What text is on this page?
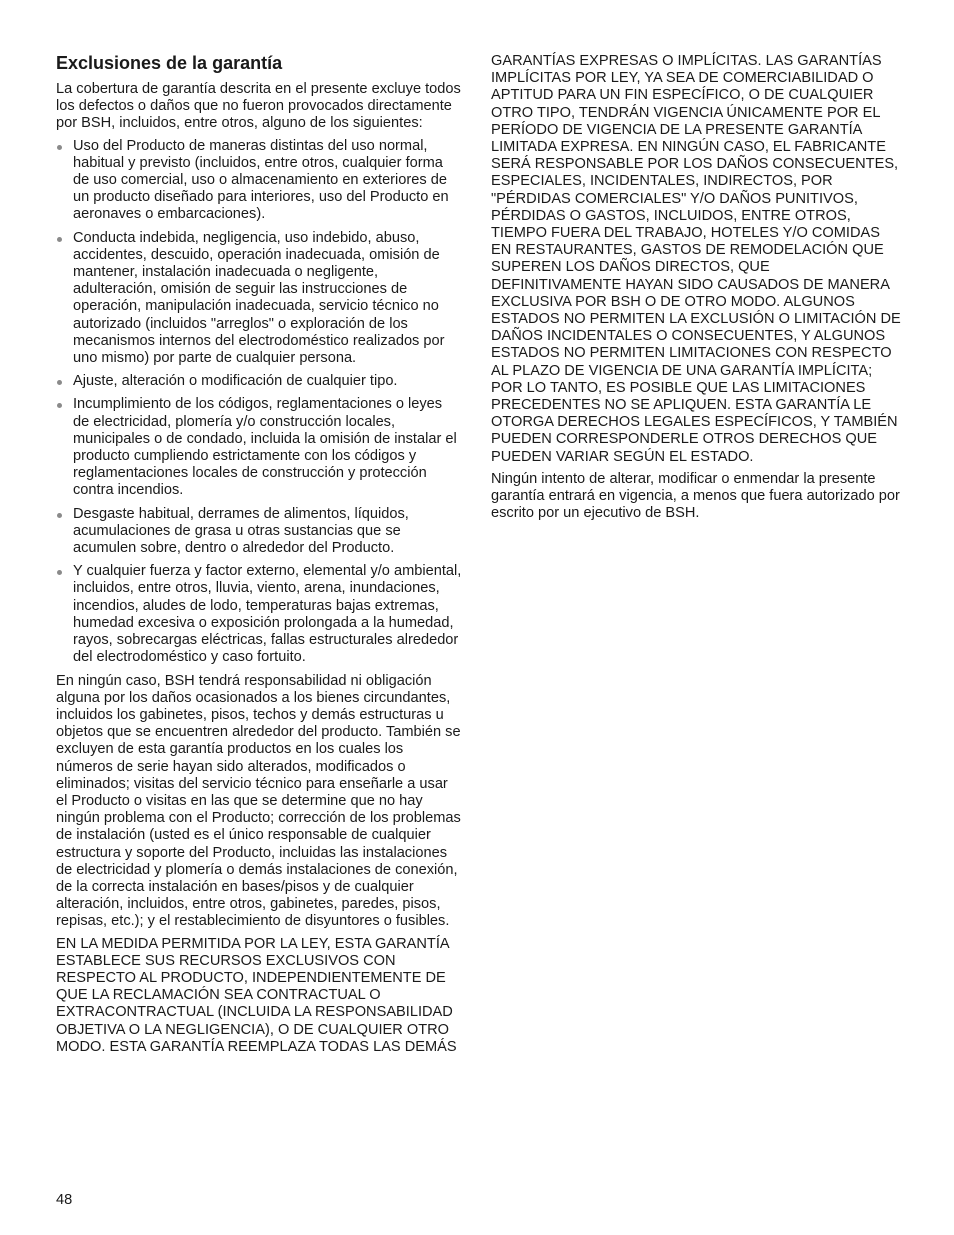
Exclusiones de la garantía

La cobertura de garantía descrita en el presente excluye todos los defectos o daños que no fueron provocados directamente por BSH, incluidos, entre otros, alguno de los siguientes:

Uso del Producto de maneras distintas del uso normal, habitual y previsto (incluidos, entre otros, cualquier forma de uso comercial, uso o almacenamiento en exteriores de un producto diseñado para interiores, uso del Producto en aeronaves o embarcaciones).
Conducta indebida, negligencia, uso indebido, abuso, accidentes, descuido, operación inadecuada, omisión de mantener, instalación inadecuada o negligente, adulteración, omisión de seguir las instrucciones de operación, manipulación inadecuada, servicio técnico no autorizado (incluidos "arreglos" o exploración de los mecanismos internos del electrodoméstico realizados por uno mismo) por parte de cualquier persona.
Ajuste, alteración o modificación de cualquier tipo.
Incumplimiento de los códigos, reglamentaciones o leyes de electricidad, plomería y/o construcción locales, municipales o de condado, incluida la omisión de instalar el producto cumpliendo estrictamente con los códigos y reglamentaciones locales de construcción y protección contra incendios.
Desgaste habitual, derrames de alimentos, líquidos, acumulaciones de grasa u otras sustancias que se acumulen sobre, dentro o alrededor del Producto.
Y cualquier fuerza y factor externo, elemental y/o ambiental, incluidos, entre otros, lluvia, viento, arena, inundaciones, incendios, aludes de lodo, temperaturas bajas extremas, humedad excesiva o exposición prolongada a la humedad, rayos, sobrecargas eléctricas, fallas estructurales alrededor del electrodoméstico y caso fortuito.

En ningún caso, BSH tendrá responsabilidad ni obligación alguna por los daños ocasionados a los bienes circundantes, incluidos los gabinetes, pisos, techos y demás estructuras u objetos que se encuentren alrededor del producto. También se excluyen de esta garantía productos en los cuales los números de serie hayan sido alterados, modificados o eliminados; visitas del servicio técnico para enseñarle a usar el Producto o visitas en las que se determine que no hay ningún problema con el Producto; corrección de los problemas de instalación (usted es el único responsable de cualquier estructura y soporte del Producto, incluidas las instalaciones de electricidad y plomería o demás instalaciones de conexión, de la correcta instalación en bases/pisos y de cualquier alteración, incluidos, entre otros, gabinetes, paredes, pisos, repisas, etc.); y el restablecimiento de disyuntores o fusibles.

EN LA MEDIDA PERMITIDA POR LA LEY, ESTA GARANTÍA ESTABLECE SUS RECURSOS EXCLUSIVOS CON RESPECTO AL PRODUCTO, INDEPENDIENTEMENTE DE QUE LA RECLAMACIÓN SEA CONTRACTUAL O EXTRACONTRACTUAL (INCLUIDA LA RESPONSABILIDAD OBJETIVA O LA NEGLIGENCIA), O DE CUALQUIER OTRO MODO. ESTA GARANTÍA REEMPLAZA TODAS LAS DEMÁS

GARANTÍAS EXPRESAS O IMPLÍCITAS. LAS GARANTÍAS IMPLÍCITAS POR LEY, YA SEA DE COMERCIABILIDAD O APTITUD PARA UN FIN ESPECÍFICO, O DE CUALQUIER OTRO TIPO, TENDRÁN VIGENCIA ÚNICAMENTE POR EL PERÍODO DE VIGENCIA DE LA PRESENTE GARANTÍA LIMITADA EXPRESA. EN NINGÚN CASO, EL FABRICANTE SERÁ RESPONSABLE POR LOS DAÑOS CONSECUENTES, ESPECIALES, INCIDENTALES, INDIRECTOS, POR "PÉRDIDAS COMERCIALES" Y/O DAÑOS PUNITIVOS, PÉRDIDAS O GASTOS, INCLUIDOS, ENTRE OTROS, TIEMPO FUERA DEL TRABAJO, HOTELES Y/O COMIDAS EN RESTAURANTES, GASTOS DE REMODELACIÓN QUE SUPEREN LOS DAÑOS DIRECTOS, QUE DEFINITIVAMENTE HAYAN SIDO CAUSADOS DE MANERA EXCLUSIVA POR BSH O DE OTRO MODO. ALGUNOS ESTADOS NO PERMITEN LA EXCLUSIÓN O LIMITACIÓN DE DAÑOS INCIDENTALES O CONSECUENTES, Y ALGUNOS ESTADOS NO PERMITEN LIMITACIONES CON RESPECTO AL PLAZO DE VIGENCIA DE UNA GARANTÍA IMPLÍCITA; POR LO TANTO, ES POSIBLE QUE LAS LIMITACIONES PRECEDENTES NO SE APLIQUEN. ESTA GARANTÍA LE OTORGA DERECHOS LEGALES ESPECÍFICOS, Y TAMBIÉN PUEDEN CORRESPONDERLE OTROS DERECHOS QUE PUEDEN VARIAR SEGÚN EL ESTADO.

Ningún intento de alterar, modificar o enmendar la presente garantía entrará en vigencia, a menos que fuera autorizado por escrito por un ejecutivo de BSH.

48
